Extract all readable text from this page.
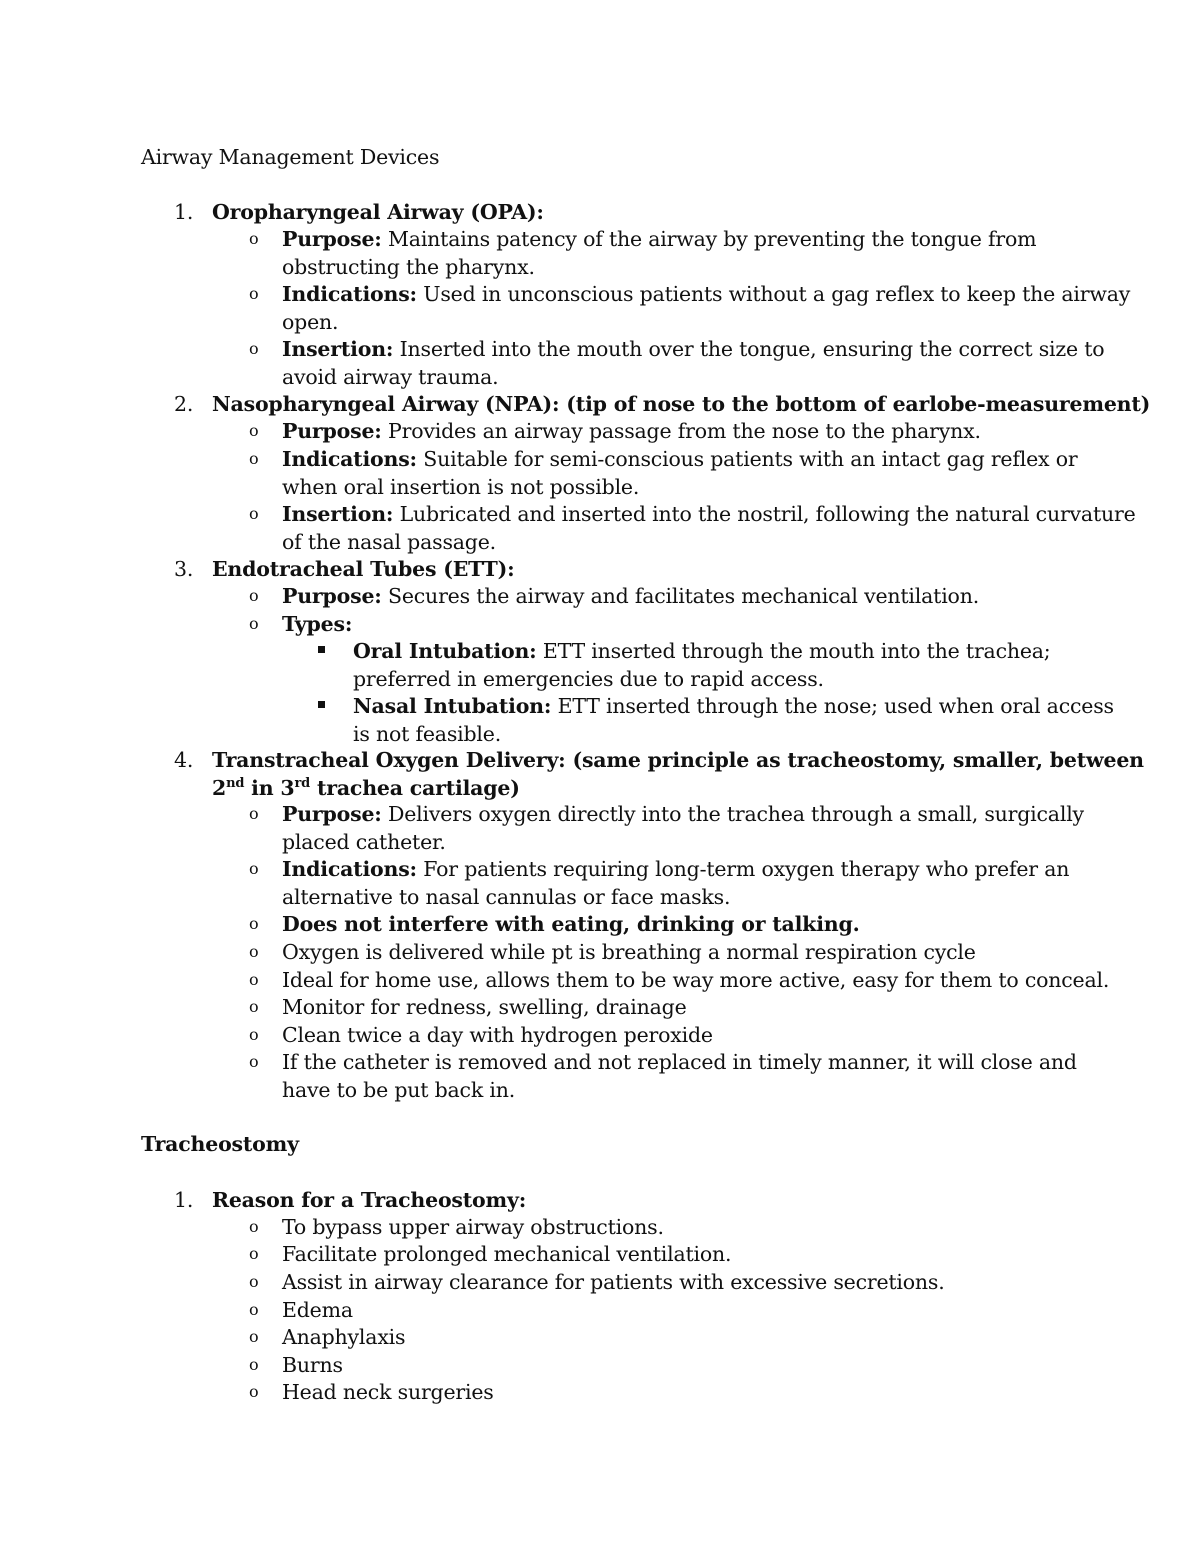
Airway Management Devices
1. Oropharyngeal Airway (OPA):
o Purpose: Maintains patency of the airway by preventing the tongue from
obstructing the pharynx.
o Indications: Used in unconscious patients without a gag reflex to keep the airway
open.
o Insertion: Inserted into the mouth over the tongue, ensuring the correct size to
avoid airway trauma.
2. Nasopharyngeal Airway (NPA): (tip of nose to the bottom of earlobe-measurement)
o Purpose: Provides an airway passage from the nose to the pharynx.
o Indications: Suitable for semi-conscious patients with an intact gag reflex or
when oral insertion is not possible.
o Insertion: Lubricated and inserted into the nostril, following the natural curvature
of the nasal passage.
3. Endotracheal Tubes (ETT):
o Purpose: Secures the airway and facilitates mechanical ventilation.
o Types:
Oral Intubation: ETT inserted through the mouth into the trachea;
preferred in emergencies due to rapid access.
Nasal Intubation: ETT inserted through the nose; used when oral access
is not feasible.
4. Transtracheal Oxygen Delivery: (same principle as tracheostomy, smaller, between
2nd in 3rd trachea cartilage)
o Purpose: Delivers oxygen directly into the trachea through a small, surgically
placed catheter.
o Indications: For patients requiring long-term oxygen therapy who prefer an
alternative to nasal cannulas or face masks.
o Does not interfere with eating, drinking or talking.
o Oxygen is delivered while pt is breathing a normal respiration cycle
o Ideal for home use, allows them to be way more active, easy for them to conceal.
o Monitor for redness, swelling, drainage
o Clean twice a day with hydrogen peroxide
o If the catheter is removed and not replaced in timely manner, it will close and
have to be put back in.
Tracheostomy
1. Reason for a Tracheostomy:
o To bypass upper airway obstructions.
o Facilitate prolonged mechanical ventilation.
o Assist in airway clearance for patients with excessive secretions.
o Edema
o Anaphylaxis
o Burns
o Head neck surgeries
